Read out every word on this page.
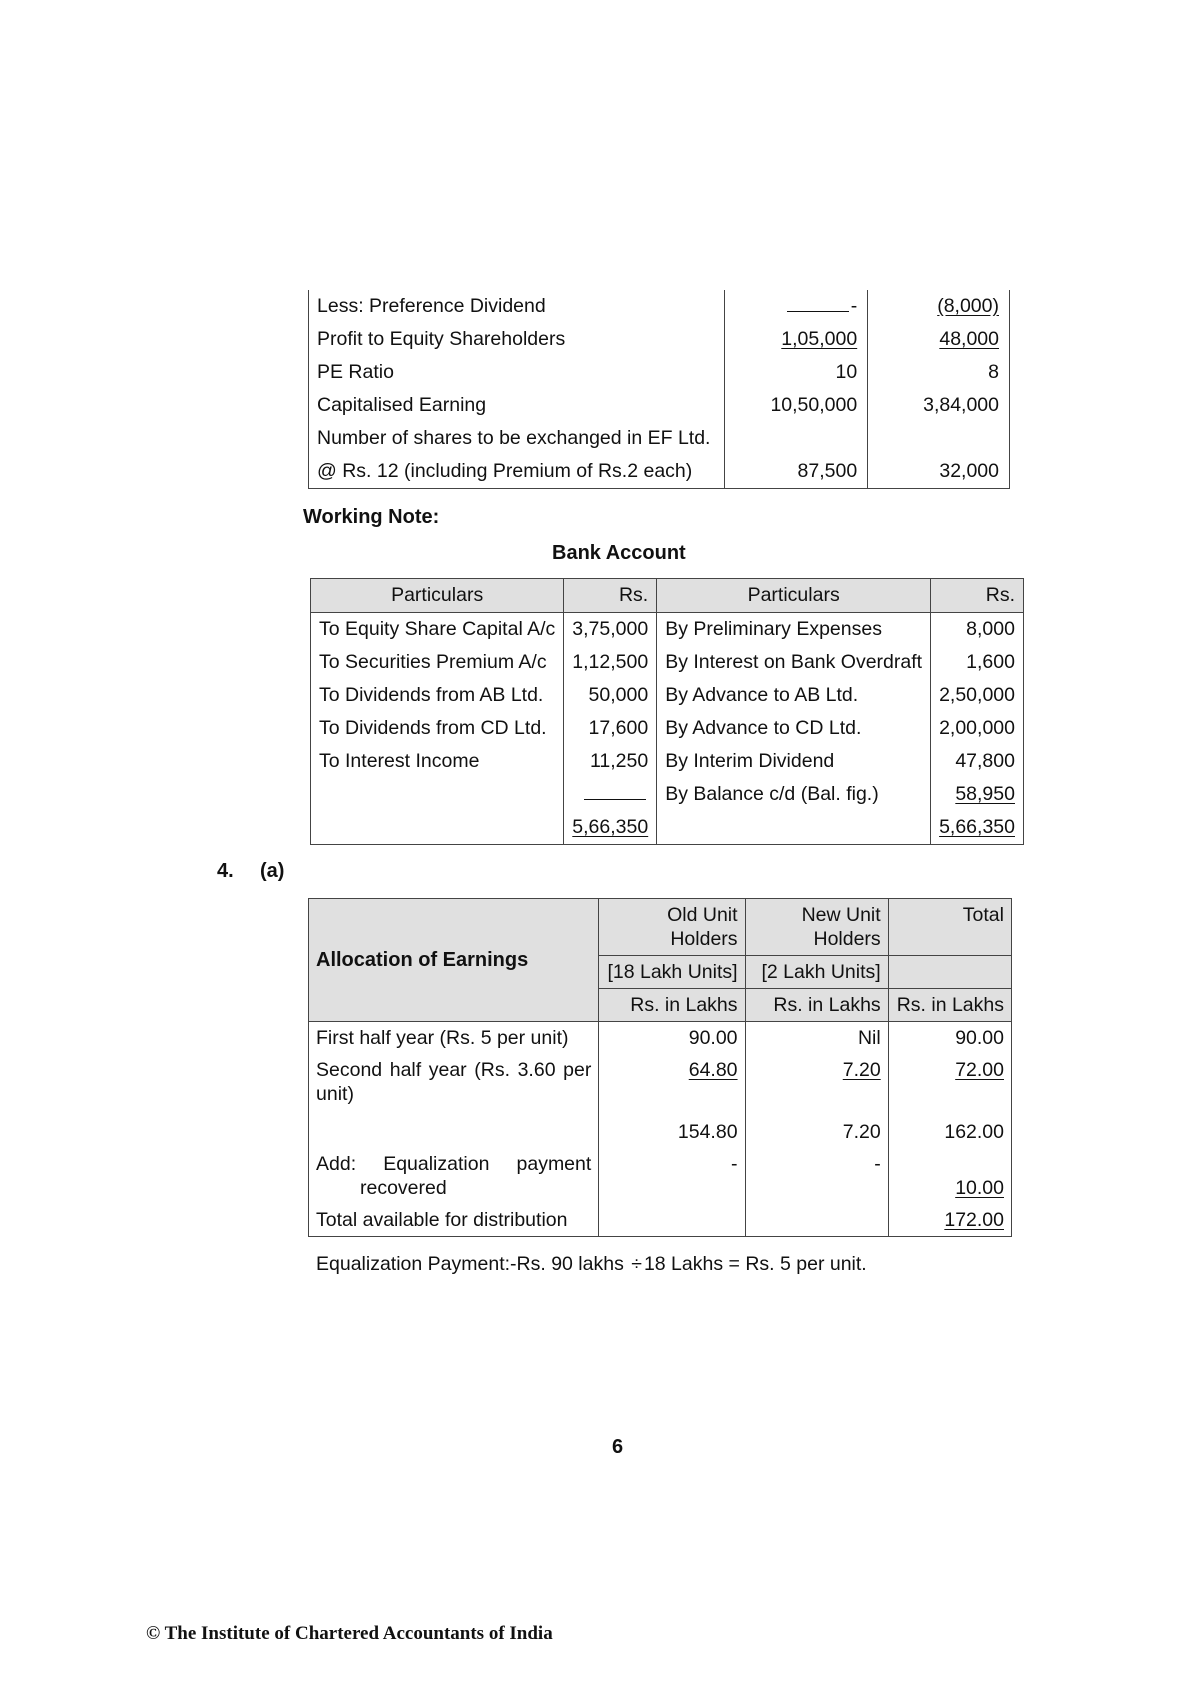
Less: Preference Dividend	-	(8,000)
Profit to Equity Shareholders	1,05,000	48,000
PE Ratio	10	8
Capitalised Earning	10,50,000	3,84,000
Number of shares to be exchanged in EF Ltd.		
@ Rs. 12 (including Premium of Rs.2 each)	87,500	32,000
Working Note:
Bank Account
Particulars	Rs.	Particulars	Rs.
To Equity Share Capital A/c	3,75,000	By Preliminary Expenses	8,000
To Securities Premium A/c	1,12,500	By Interest on Bank Overdraft	1,600
To Dividends from AB Ltd.	50,000	By Advance to AB Ltd.	2,50,000
To Dividends from CD Ltd.	17,600	By Advance to CD Ltd.	2,00,000
To Interest Income	11,250	By Interim Dividend	47,800
		By Balance c/d (Bal. fig.)	58,950
	5,66,350		5,66,350
4. (a)
Allocation of Earnings	Old Unit Holders	New Unit Holders	Total
	[18 Lakh Units]	[2 Lakh Units]	
	Rs. in Lakhs	Rs. in Lakhs	Rs. in Lakhs
First half year (Rs. 5 per unit)	90.00	Nil	90.00
Second half year (Rs. 3.60 per unit)	64.80	7.20	72.00
	154.80	7.20	162.00

Add: Equalization payment
recovered	-	-	10.00
Total available for distribution			172.00
Equalization Payment:-Rs. 90 lakhs ÷ 18 Lakhs = Rs. 5 per unit.
6
© The Institute of Chartered Accountants of India
